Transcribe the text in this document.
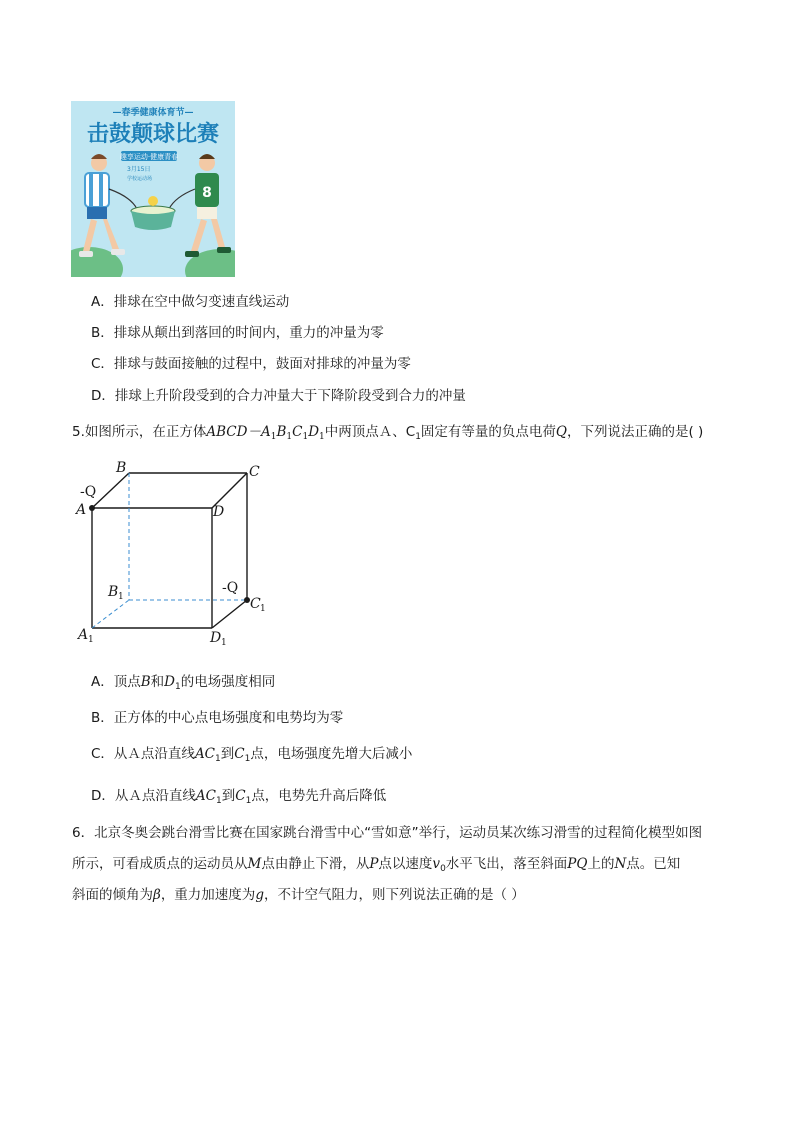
—春季健康体育节—
击鼓颠球比赛
趣享运动·健康青春
3月15日
学校运动场
8
A．排球在空中做匀变速直线运动
B．排球从颠出到落回的时间内，重力的冲量为零
C．排球与鼓面接触的过程中，鼓面对排球的冲量为零
D．排球上升阶段受到的合力冲量大于下降阶段受到合力的冲量
5.如图所示，在正方体$ABCD-A_1B_1C_1D_1$中两顶点Ａ、$C_1$固定有等量的负点电荷Q，下列说法正确的是( )
-Q
-Q
A
B	C
D
B 1	C 1
A 1	D 1
A．顶点B和$D_1$的电场强度相同
B．正方体的中心点电场强度和电势均为零
C．从Ａ点沿直线$AC_1$到$C_1$点，电场强度先增大后减小
D．从Ａ点沿直线$AC_1$到$C_1$点，电势先升高后降低
6．北京冬奥会跳台滑雪比赛在国家跳台滑雪中心“雪如意”举行，运动员某次练习滑雪的过程简化模型如图
所示，可看成质点的运动员从M点由静止下滑，从P点以速度$v_0$水平飞出，落至斜面PQ上的N点。已知
斜面的倾角为β，重力加速度为g，不计空气阻力，则下列说法正确的是（ ）
